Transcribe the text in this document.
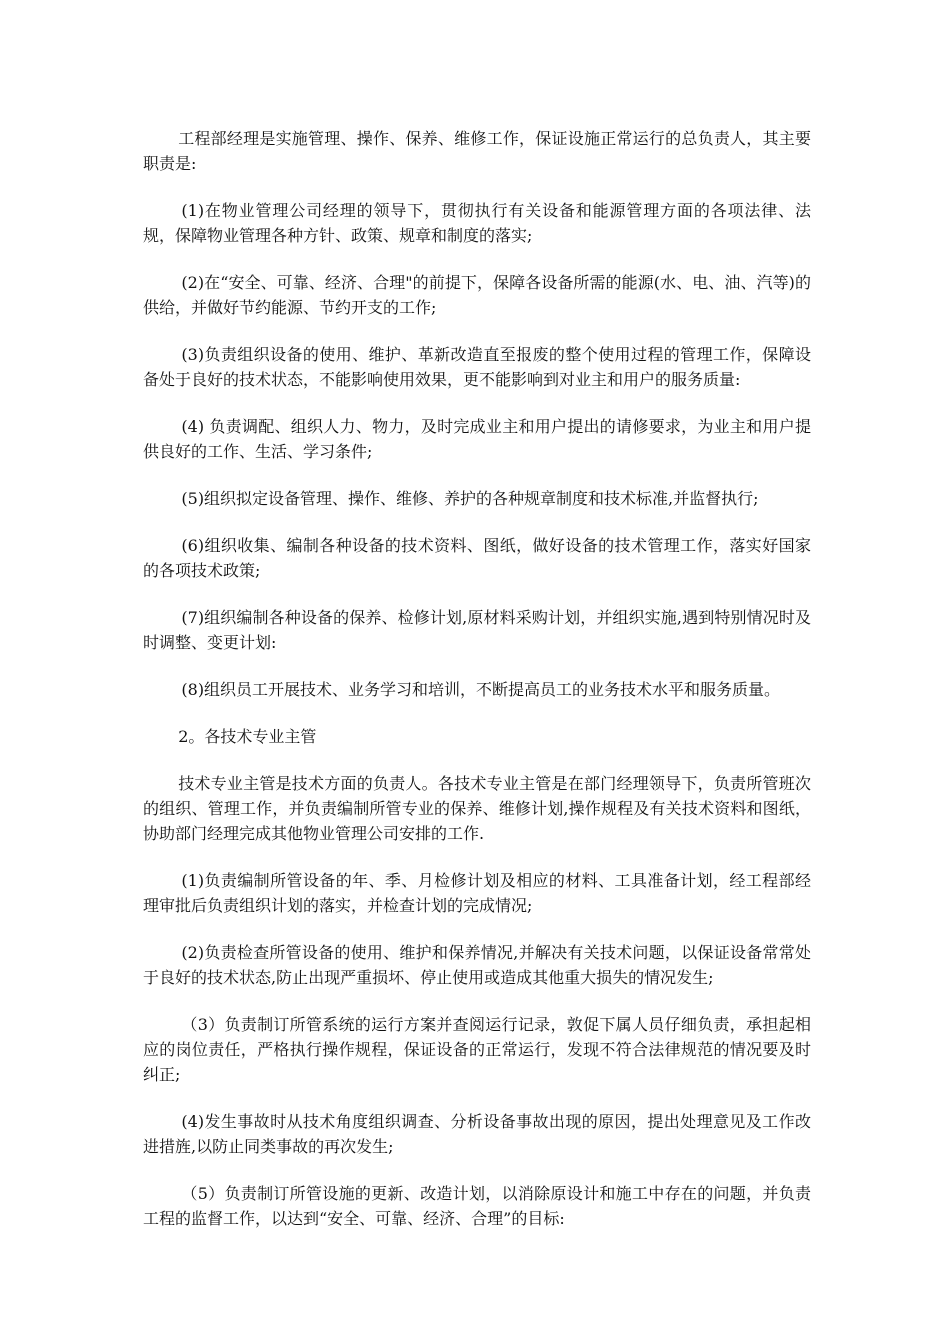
工程部经理是实施管理、操作、保养、维修工作，保证设施正常运行的总负责人，其主要职责是:

(1)在物业管理公司经理的领导下，贯彻执行有关设备和能源管理方面的各项法律、法规，保障物业管理各种方针、政策、规章和制度的落实;

(2)在“安全、可靠、经济、合理"的前提下，保障各设备所需的能源(水、电、油、汽等)的供给，并做好节约能源、节约开支的工作;

(3)负责组织设备的使用、维护、革新改造直至报废的整个使用过程的管理工作，保障设备处于良好的技术状态，不能影响使用效果，更不能影响到对业主和用户的服务质量:

(4) 负责调配、组织人力、物力，及时完成业主和用户提出的请修要求，为业主和用户提供良好的工作、生活、学习条件;

(5)组织拟定设备管理、操作、维修、养护的各种规章制度和技术标准,并监督执行;

(6)组织收集、编制各种设备的技术资料、图纸，做好设备的技术管理工作，落实好国家的各项技术政策;

(7)组织编制各种设备的保养、检修计划,原材料采购计划，并组织实施,遇到特别情况时及时调整、变更计划:

(8)组织员工开展技术、业务学习和培训，不断提高员工的业务技术水平和服务质量。

2。各技术专业主管

技术专业主管是技术方面的负责人。各技术专业主管是在部门经理领导下，负责所管班次的组织、管理工作，并负责编制所管专业的保养、维修计划,操作规程及有关技术资料和图纸，协助部门经理完成其他物业管理公司安排的工作.

(1)负责编制所管设备的年、季、月检修计划及相应的材料、工具准备计划，经工程部经理审批后负责组织计划的落实，并检查计划的完成情况;

(2)负责检查所管设备的使用、维护和保养情况,并解决有关技术问题，以保证设备常常处于良好的技术状态,防止出现严重损坏、停止使用或造成其他重大损失的情况发生;

（3）负责制订所管系统的运行方案并查阅运行记录，敦促下属人员仔细负责，承担起相应的岗位责任，严格执行操作规程，保证设备的正常运行，发现不符合法律规范的情况要及时纠正;

(4)发生事故时从技术角度组织调查、分析设备事故出现的原因，提出处理意见及工作改进措旌,以防止同类事故的再次发生;

（5）负责制订所管设施的更新、改造计划，以消除原设计和施工中存在的问题，并负责工程的监督工作，以达到“安全、可靠、经济、合理”的目标:
